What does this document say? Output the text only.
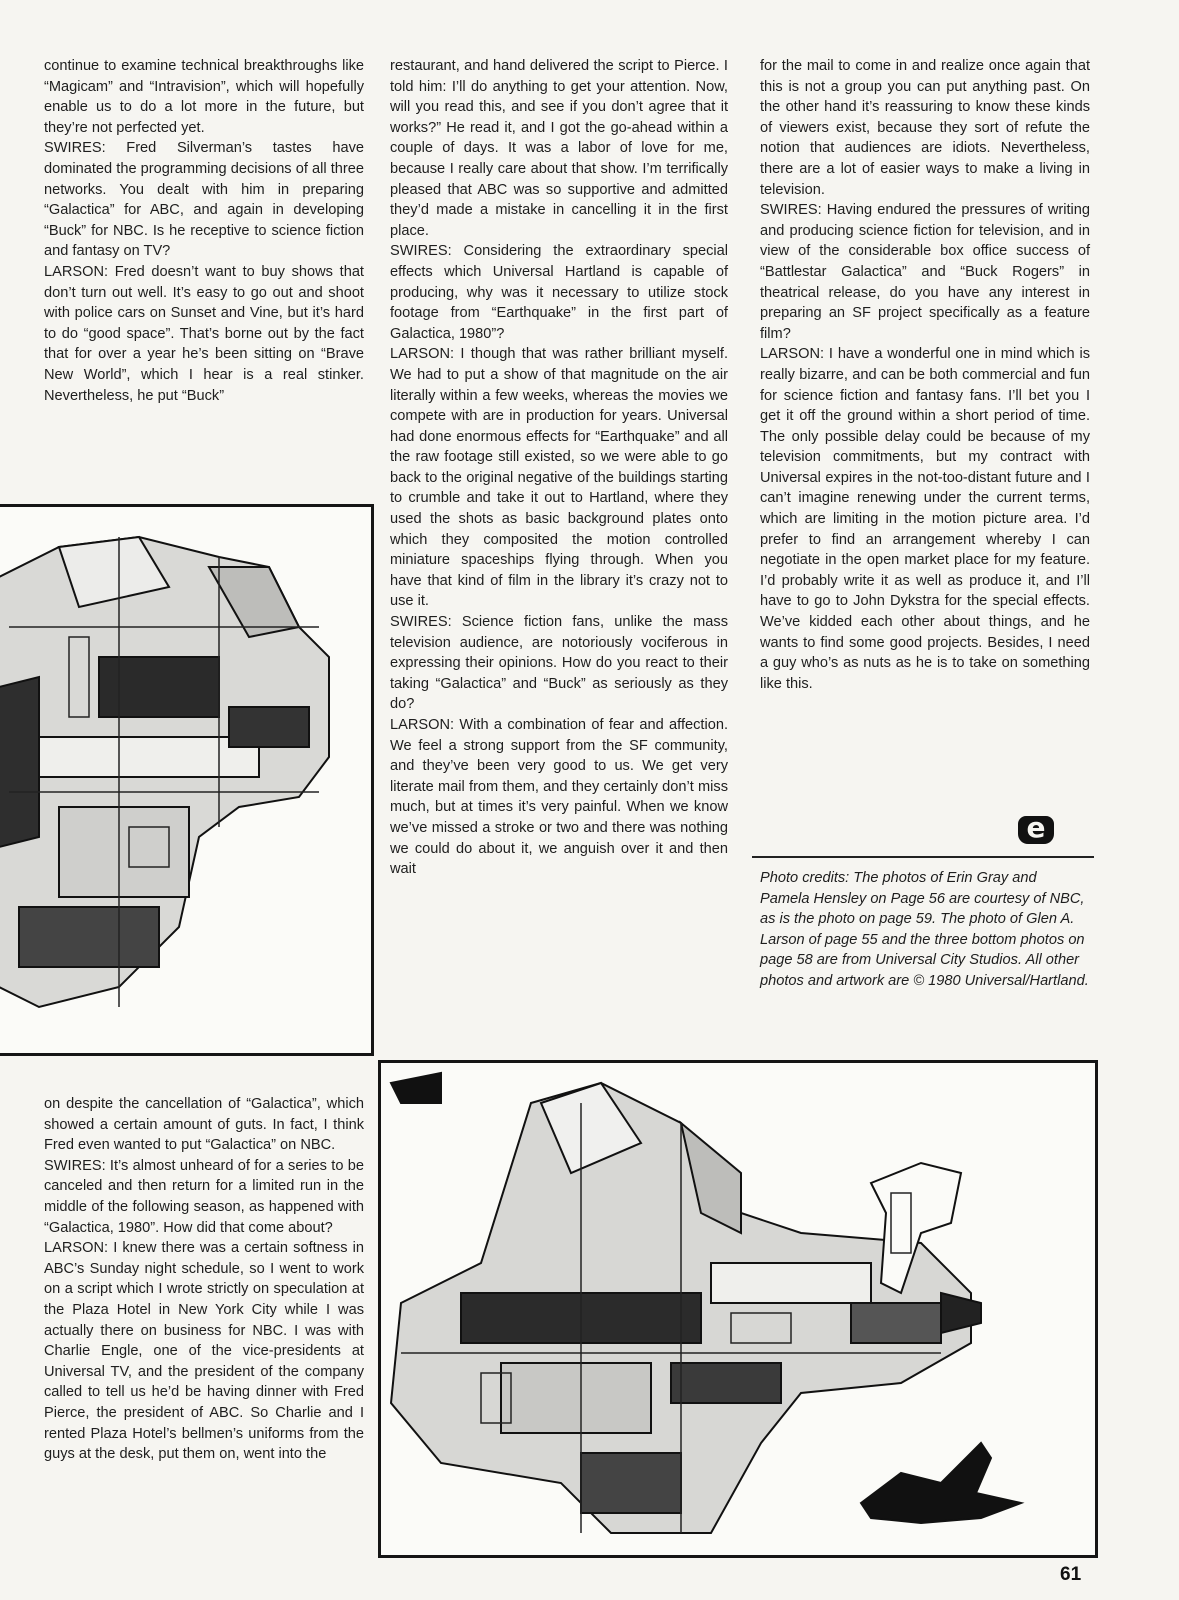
continue to examine technical breakthroughs like “Magicam” and “Intravision”, which will hopefully enable us to do a lot more in the future, but they’re not perfected yet.

SWIRES: Fred Silverman’s tastes have dominated the programming decisions of all three networks. You dealt with him in preparing “Galactica” for ABC, and again in developing “Buck” for NBC. Is he receptive to science fiction and fantasy on TV?

LARSON: Fred doesn’t want to buy shows that don’t turn out well. It’s easy to go out and shoot with police cars on Sunset and Vine, but it’s hard to do “good space”. That’s borne out by the fact that for over a year he’s been sitting on “Brave New World”, which I hear is a real stinker. Nevertheless, he put “Buck”

on despite the cancellation of “Galactica”, which showed a certain amount of guts. In fact, I think Fred even wanted to put “Galactica” on NBC.

SWIRES: It’s almost unheard of for a series to be canceled and then return for a limited run in the middle of the following season, as happened with “Galactica, 1980”. How did that come about?

LARSON: I knew there was a certain softness in ABC’s Sunday night schedule, so I went to work on a script which I wrote strictly on speculation at the Plaza Hotel in New York City while I was actually there on business for NBC. I was with Charlie Engle, one of the vice-presidents at Universal TV, and the president of the company called to tell us he’d be having dinner with Fred Pierce, the president of ABC. So Charlie and I rented Plaza Hotel’s bellmen’s uniforms from the guys at the desk, put them on, went into the

restaurant, and hand delivered the script to Pierce. I told him: I’ll do anything to get your attention. Now, will you read this, and see if you don’t agree that it works?” He read it, and I got the go-ahead within a couple of days. It was a labor of love for me, because I really care about that show. I’m terrifically pleased that ABC was so supportive and admitted they’d made a mistake in cancelling it in the first place.

SWIRES: Considering the extraordinary special effects which Universal Hartland is capable of producing, why was it necessary to utilize stock footage from “Earthquake” in the first part of Galactica, 1980”?

LARSON: I though that was rather brilliant myself. We had to put a show of that magnitude on the air literally within a few weeks, whereas the movies we compete with are in production for years. Universal had done enormous effects for “Earthquake” and all the raw footage still existed, so we were able to go back to the original negative of the buildings starting to crumble and take it out to Hartland, where they used the shots as basic background plates onto which they composited the motion controlled miniature spaceships flying through. When you have that kind of film in the library it’s crazy not to use it.

SWIRES: Science fiction fans, unlike the mass television audience, are notoriously vociferous in expressing their opinions. How do you react to their taking “Galactica” and “Buck” as seriously as they do?

LARSON: With a combination of fear and affection. We feel a strong support from the SF community, and they’ve been very good to us. We get very literate mail from them, and they certainly don’t miss much, but at times it’s very painful. When we know we’ve missed a stroke or two and there was nothing we could do about it, we anguish over it and then wait

for the mail to come in and realize once again that this is not a group you can put anything past. On the other hand it’s reassuring to know these kinds of viewers exist, because they sort of refute the notion that audiences are idiots. Nevertheless, there are a lot of easier ways to make a living in television.

SWIRES: Having endured the pressures of writing and producing science fiction for television, and in view of the considerable box office success of “Battlestar Galactica” and “Buck Rogers” in theatrical release, do you have any interest in preparing an SF project specifically as a feature film?

LARSON: I have a wonderful one in mind which is really bizarre, and can be both commercial and fun for science fiction and fantasy fans. I’ll bet you I get it off the ground within a short period of time. The only possible delay could be because of my television commitments, but my contract with Universal expires in the not-too-distant future and I can’t imagine renewing under the current terms, which are limiting in the motion picture area. I’d prefer to find an arrangement whereby I can negotiate in the open market place for my feature. I’d probably write it as well as produce it, and I’ll have to go to John Dykstra for the special effects. We’ve kidded each other about things, and he wants to find some good projects. Besides, I need a guy who’s as nuts as he is to take on something like this.

e
Photo credits: The photos of Erin Gray and Pamela Hensley on Page 56 are courtesy of NBC, as is the photo on page 59. The photo of Glen A. Larson of page 55 and the three bottom photos on page 58 are from Universal City Studios. All other photos and artwork are © 1980 Universal/Hartland.
61
